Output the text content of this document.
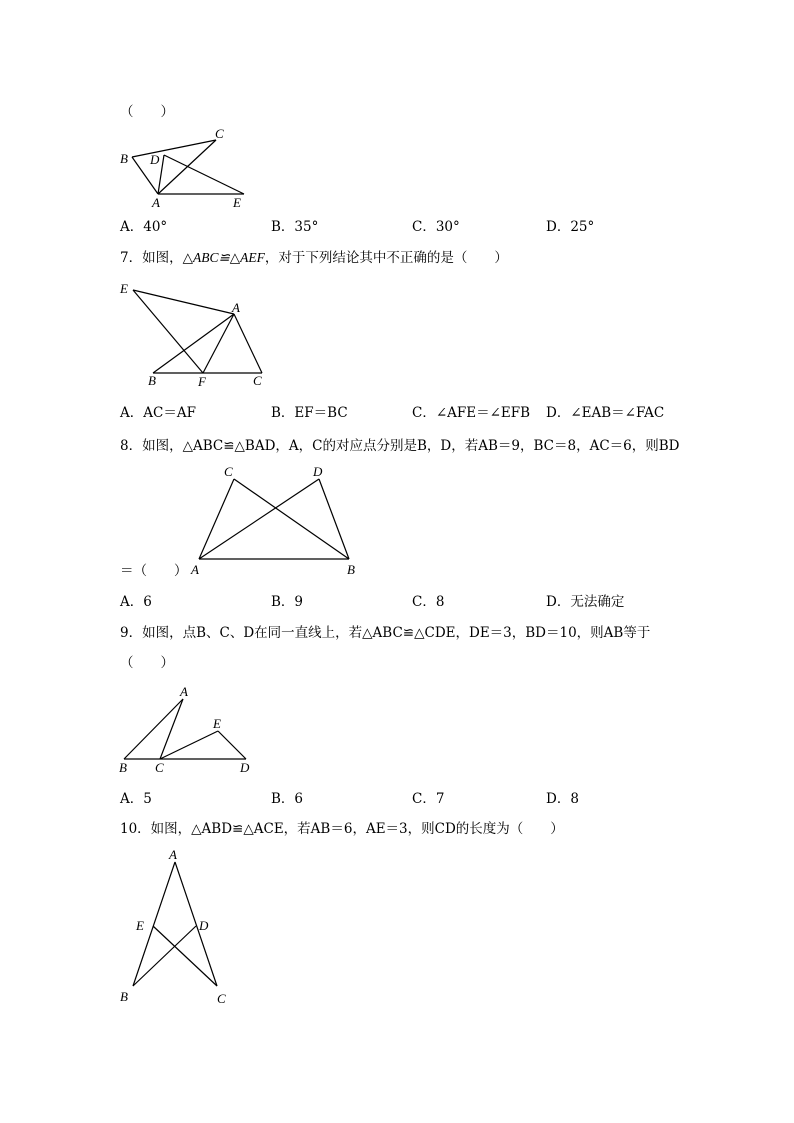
（　　）
B
C
D
A	E
A．40°	B．35°	C．30°	D．25°
7．如图，△ABC≌△AEF，对于下列结论其中不正确的是（　　）
E
A
B	F	C
A．AC＝AF	B．EF＝BC	C．∠AFE＝∠EFB D．∠EAB＝∠FAC
8．如图，△ABC≌△BAD，A，C的对应点分别是B，D，若AB＝9，BC＝8，AC＝6，则BD
C	D
A	B
＝（　　）
A．6	B．9	C．8	D．无法确定
9．如图，点B、C、D在同一直线上，若△ABC≌△CDE，DE＝3，BD＝10，则AB等于
（　　）
A
E
B C	D
A．5	B．6	C．7	D．8
10．如图，△ABD≌△ACE，若AB＝6，AE＝3，则CD的长度为（　　）
A
E	D
B	C
